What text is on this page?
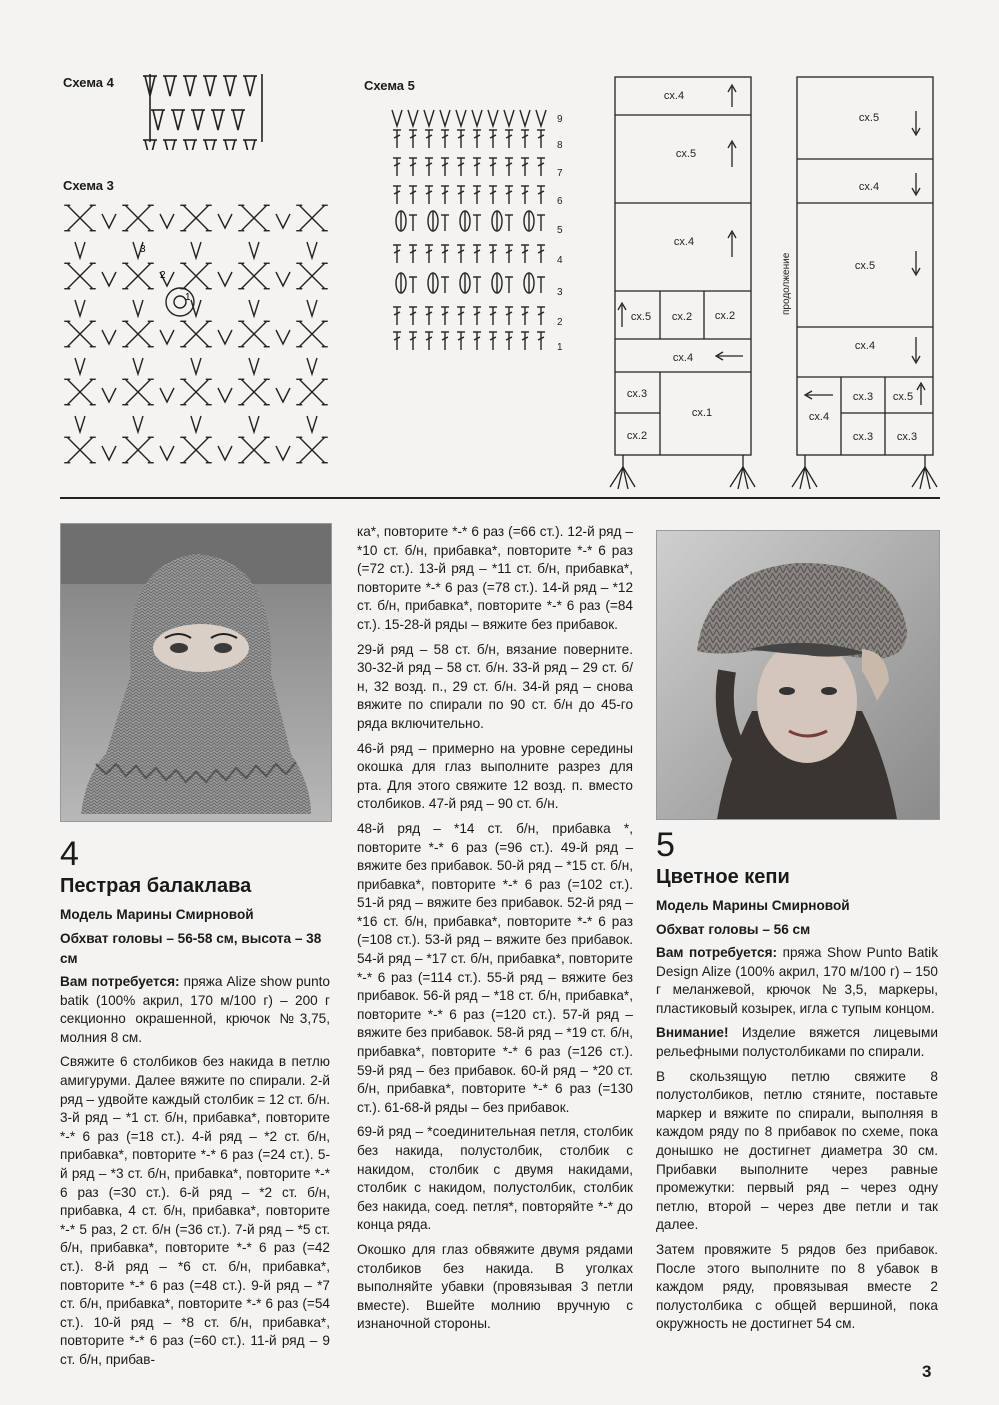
Схема 4
Схема 3
Схема 5
3
2
1
1
2
3
4
5
6
7
8
9
сх.4
сх.5
сх.4
сх.5 сх.2 сх.2
сх.4
сх.3
сх.2
сх.1
сх.5
сх.4
сх.5
сх.4
сх.3 сх.5
сх.4
сх.3 сх.3
продолжение
4
Пестрая балаклава
Модель Марины Смирновой
Обхват головы – 56-58 см, высота – 38 см

Вам потребуется: пряжа Alize show punto batik (100% акрил, 170 м/100 г) – 200 г секционно окрашенной, крючок №3,75, молния 8 см.

Свяжите 6 столбиков без накида в петлю амигуруми. Далее вяжите по спирали. 2-й ряд – удвойте каждый столбик = 12 ст. б/н. 3-й ряд – *1 ст. б/н, прибавка*, повторите *-* 6 раз (=18 ст.). 4-й ряд – *2 ст. б/н, прибавка*, повторите *-* 6 раз (=24 ст.). 5-й ряд – *3 ст. б/н, прибавка*, повторите *-* 6 раз (=30 ст.). 6-й ряд – *2 ст. б/н, прибавка, 4 ст. б/н, прибавка*, повторите *-* 5 раз, 2 ст. б/н (=36 ст.). 7-й ряд – *5 ст. б/н, прибавка*, повторите *-* 6 раз (=42 ст.). 8-й ряд – *6 ст. б/н, прибавка*, повторите *-* 6 раз (=48 ст.). 9-й ряд – *7 ст. б/н, прибавка*, повторите *-* 6 раз (=54 ст.). 10-й ряд – *8 ст. б/н, прибавка*, повторите *-* 6 раз (=60 ст.). 11-й ряд – 9 ст. б/н, прибав-

ка*, повторите *-* 6 раз (=66 ст.). 12-й ряд – *10 ст. б/н, прибавка*, повторите *-* 6 раз (=72 ст.). 13-й ряд – *11 ст. б/н, прибавка*, повторите *-* 6 раз (=78 ст.). 14-й ряд – *12 ст. б/н, прибавка*, повторите *-* 6 раз (=84 ст.). 15-28-й ряды – вяжите без прибавок.

29-й ряд – 58 ст. б/н, вязание поверните. 30-32-й ряд – 58 ст. б/н. 33-й ряд – 29 ст. б/н, 32 возд. п., 29 ст. б/н. 34-й ряд – снова вяжите по спирали по 90 ст. б/н до 45-го ряда включительно.

46-й ряд – примерно на уровне середины окошка для глаз выполните разрез для рта. Для этого свяжите 12 возд. п. вместо столбиков. 47-й ряд – 90 ст. б/н.

48-й ряд – *14 ст. б/н, прибавка *, повторите *-* 6 раз (=96 ст.). 49-й ряд – вяжите без прибавок. 50-й ряд – *15 ст. б/н, прибавка*, повторите *-* 6 раз (=102 ст.). 51-й ряд – вяжите без прибавок. 52-й ряд – *16 ст. б/н, прибавка*, повторите *-* 6 раз (=108 ст.). 53-й ряд – вяжите без прибавок. 54-й ряд – *17 ст. б/н, прибавка*, повторите *-* 6 раз (=114 ст.). 55-й ряд – вяжите без прибавок. 56-й ряд – *18 ст. б/н, прибавка*, повторите *-* 6 раз (=120 ст.). 57-й ряд – вяжите без прибавок. 58-й ряд – *19 ст. б/н, прибавка*, повторите *-* 6 раз (=126 ст.). 59-й ряд – без прибавок. 60-й ряд – *20 ст. б/н, прибавка*, повторите *-* 6 раз (=130 ст.). 61-68-й ряды – без прибавок.

69-й ряд – *соединительная петля, столбик без накида, полустолбик, столбик с накидом, столбик с двумя накидами, столбик с накидом, полустолбик, столбик без накида, соед. петля*, повторяйте *-* до конца ряда.

Окошко для глаз обвяжите двумя рядами столбиков без накида. В уголках выполняйте убавки (провязывая 3 петли вместе). Вшейте молнию вручную с изнаночной стороны.

5
Цветное кепи
Модель Марины Смирновой
Обхват головы – 56 см

Вам потребуется: пряжа Show Punto Batik Design Alize (100% акрил, 170 м/100 г) – 150 г меланжевой, крючок №3,5, маркеры, пластиковый козырек, игла с тупым концом.

Внимание! Изделие вяжется лицевыми рельефными полустолбиками по спирали.

В скользящую петлю свяжите 8 полустолбиков, петлю стяните, поставьте маркер и вяжите по спирали, выполняя в каждом ряду по 8 прибавок по схеме, пока донышко не достигнет диаметра 30 см. Прибавки выполните через равные промежутки: первый ряд – через одну петлю, второй – через две петли и так далее.

Затем провяжите 5 рядов без прибавок. После этого выполните по 8 убавок в каждом ряду, провязывая вместе 2 полустолбика с общей вершиной, пока окружность не достигнет 54 см.

3
